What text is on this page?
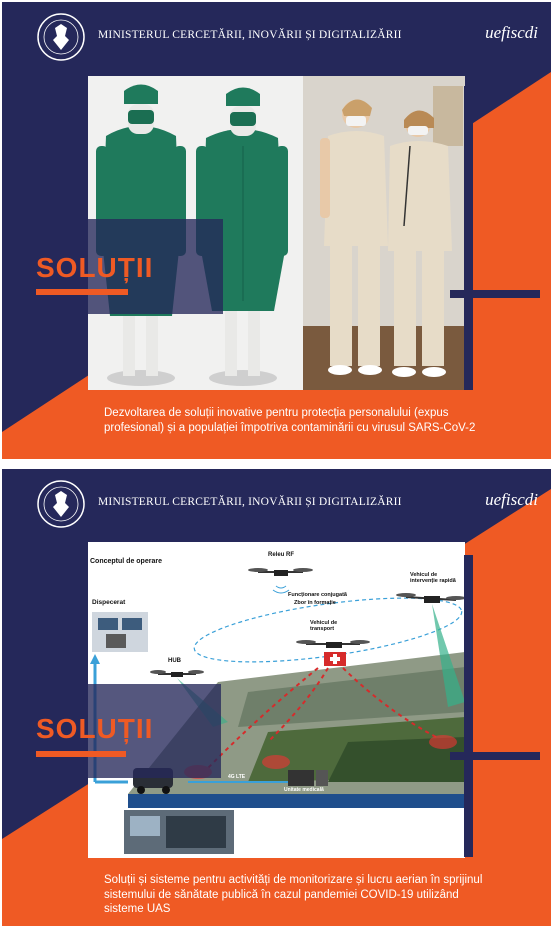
MINISTERUL CERCETĂRII, INOVĂRII ȘI DIGITALIZĂRII	uefiscdi
SOLUȚII
Dezvoltarea de soluții inovative pentru protecția personalului (expus profesional) și a populației împotriva contaminării cu virusul SARS-CoV-2
MINISTERUL CERCETĂRII, INOVĂRII ȘI DIGITALIZĂRII	uefiscdi
Conceptul de operare
Dispecerat
Releu RF
HUB
Funcționare conjugată
Zbor în formație
Vehicul de transport
Vehicul de intervenție rapidă
4G LTE
Unitate medicală
SOLUȚII
Soluții și sisteme pentru activități de monitorizare și lucru aerian în sprijinul sistemului de sănătate publică în cazul pandemiei COVID-19 utilizând sisteme UAS
